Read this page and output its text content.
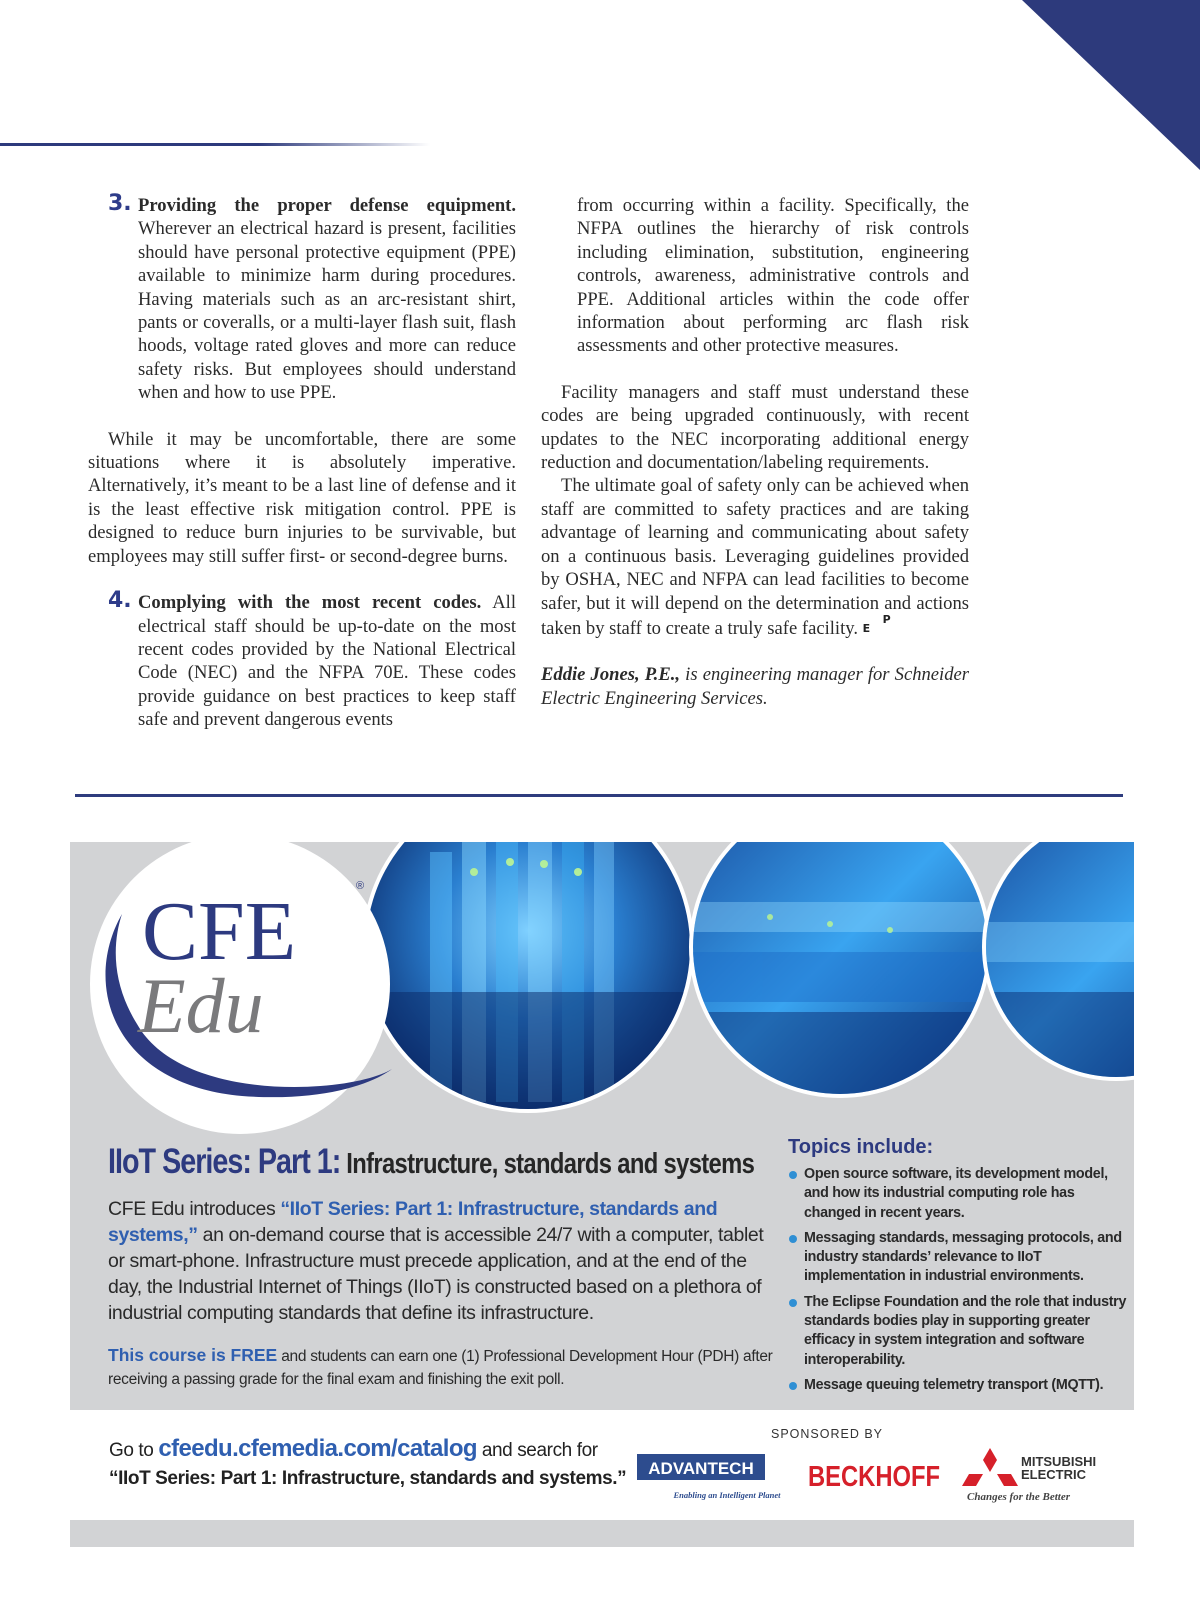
3. Providing the proper defense equipment. Wherever an electrical hazard is present, facilities should have personal protective equipment (PPE) available to minimize harm during procedures. Having materials such as an arc-resistant shirt, pants or coveralls, or a multi-layer flash suit, flash hoods, voltage rated gloves and more can reduce safety risks. But employees should understand when and how to use PPE.

While it may be uncomfortable, there are some situations where it is absolutely imperative. Alternatively, it’s meant to be a last line of defense and it is the least effective risk mitigation control. PPE is designed to reduce burn injuries to be survivable, but employees may still suffer first- or second-degree burns.

4. Complying with the most recent codes. All electrical staff should be up-to-date on the most recent codes provided by the National Electrical Code (NEC) and the NFPA 70E. These codes provide guidance on best practices to keep staff safe and prevent dangerous events

from occurring within a facility. Specifically, the NFPA outlines the hierarchy of risk controls including elimination, substitution, engineering controls, awareness, administrative controls and PPE. Additional articles within the code offer information about performing arc flash risk assessments and other protective measures.

Facility managers and staff must understand these codes are being upgraded continuously, with recent updates to the NEC incorporating additional energy reduction and documentation/labeling requirements.

The ultimate goal of safety only can be achieved when staff are committed to safety practices and are taking advantage of learning and communicating about safety on a continuous basis. Leveraging guidelines provided by OSHA, NEC and NFPA can lead facilities to become safer, but it will depend on the determination and actions taken by staff to create a truly safe facility. P
E

Eddie Jones, P.E., is engineering manager for Schneider Electric Engineering Services.

CFE	®
Edu
IIoT Series: Part 1: Infrastructure, standards and systems

CFE Edu introduces “IIoT Series: Part 1: Infrastructure, standards and systems,” an on-demand course that is accessible 24/7 with a computer, tablet or smart-phone. Infrastructure must precede application, and at the end of the day, the Industrial Internet of Things (IIoT) is constructed based on a plethora of industrial computing standards that define its infrastructure.

This course is FREE and students can earn one (1) Professional Development Hour (PDH) after receiving a passing grade for the final exam and finishing the exit poll.
Topics include:
Open source software, its development model, and how its industrial computing role has changed in recent years.
Messaging standards, messaging protocols, and industry standards’ relevance to IIoT implementation in industrial environments.
The Eclipse Foundation and the role that industry standards bodies play in supporting greater efficacy in system integration and software interoperability.
Message queuing telemetry transport (MQTT).
Go to cfeedu.cfemedia.com/catalog and search for
“IIoT Series: Part 1: Infrastructure, standards and systems.”
SPONSORED BY
ADVANTECH
Enabling an Intelligent Planet
BECKHOFF	MITSUBISHI
ELECTRIC
Changes for the Better
